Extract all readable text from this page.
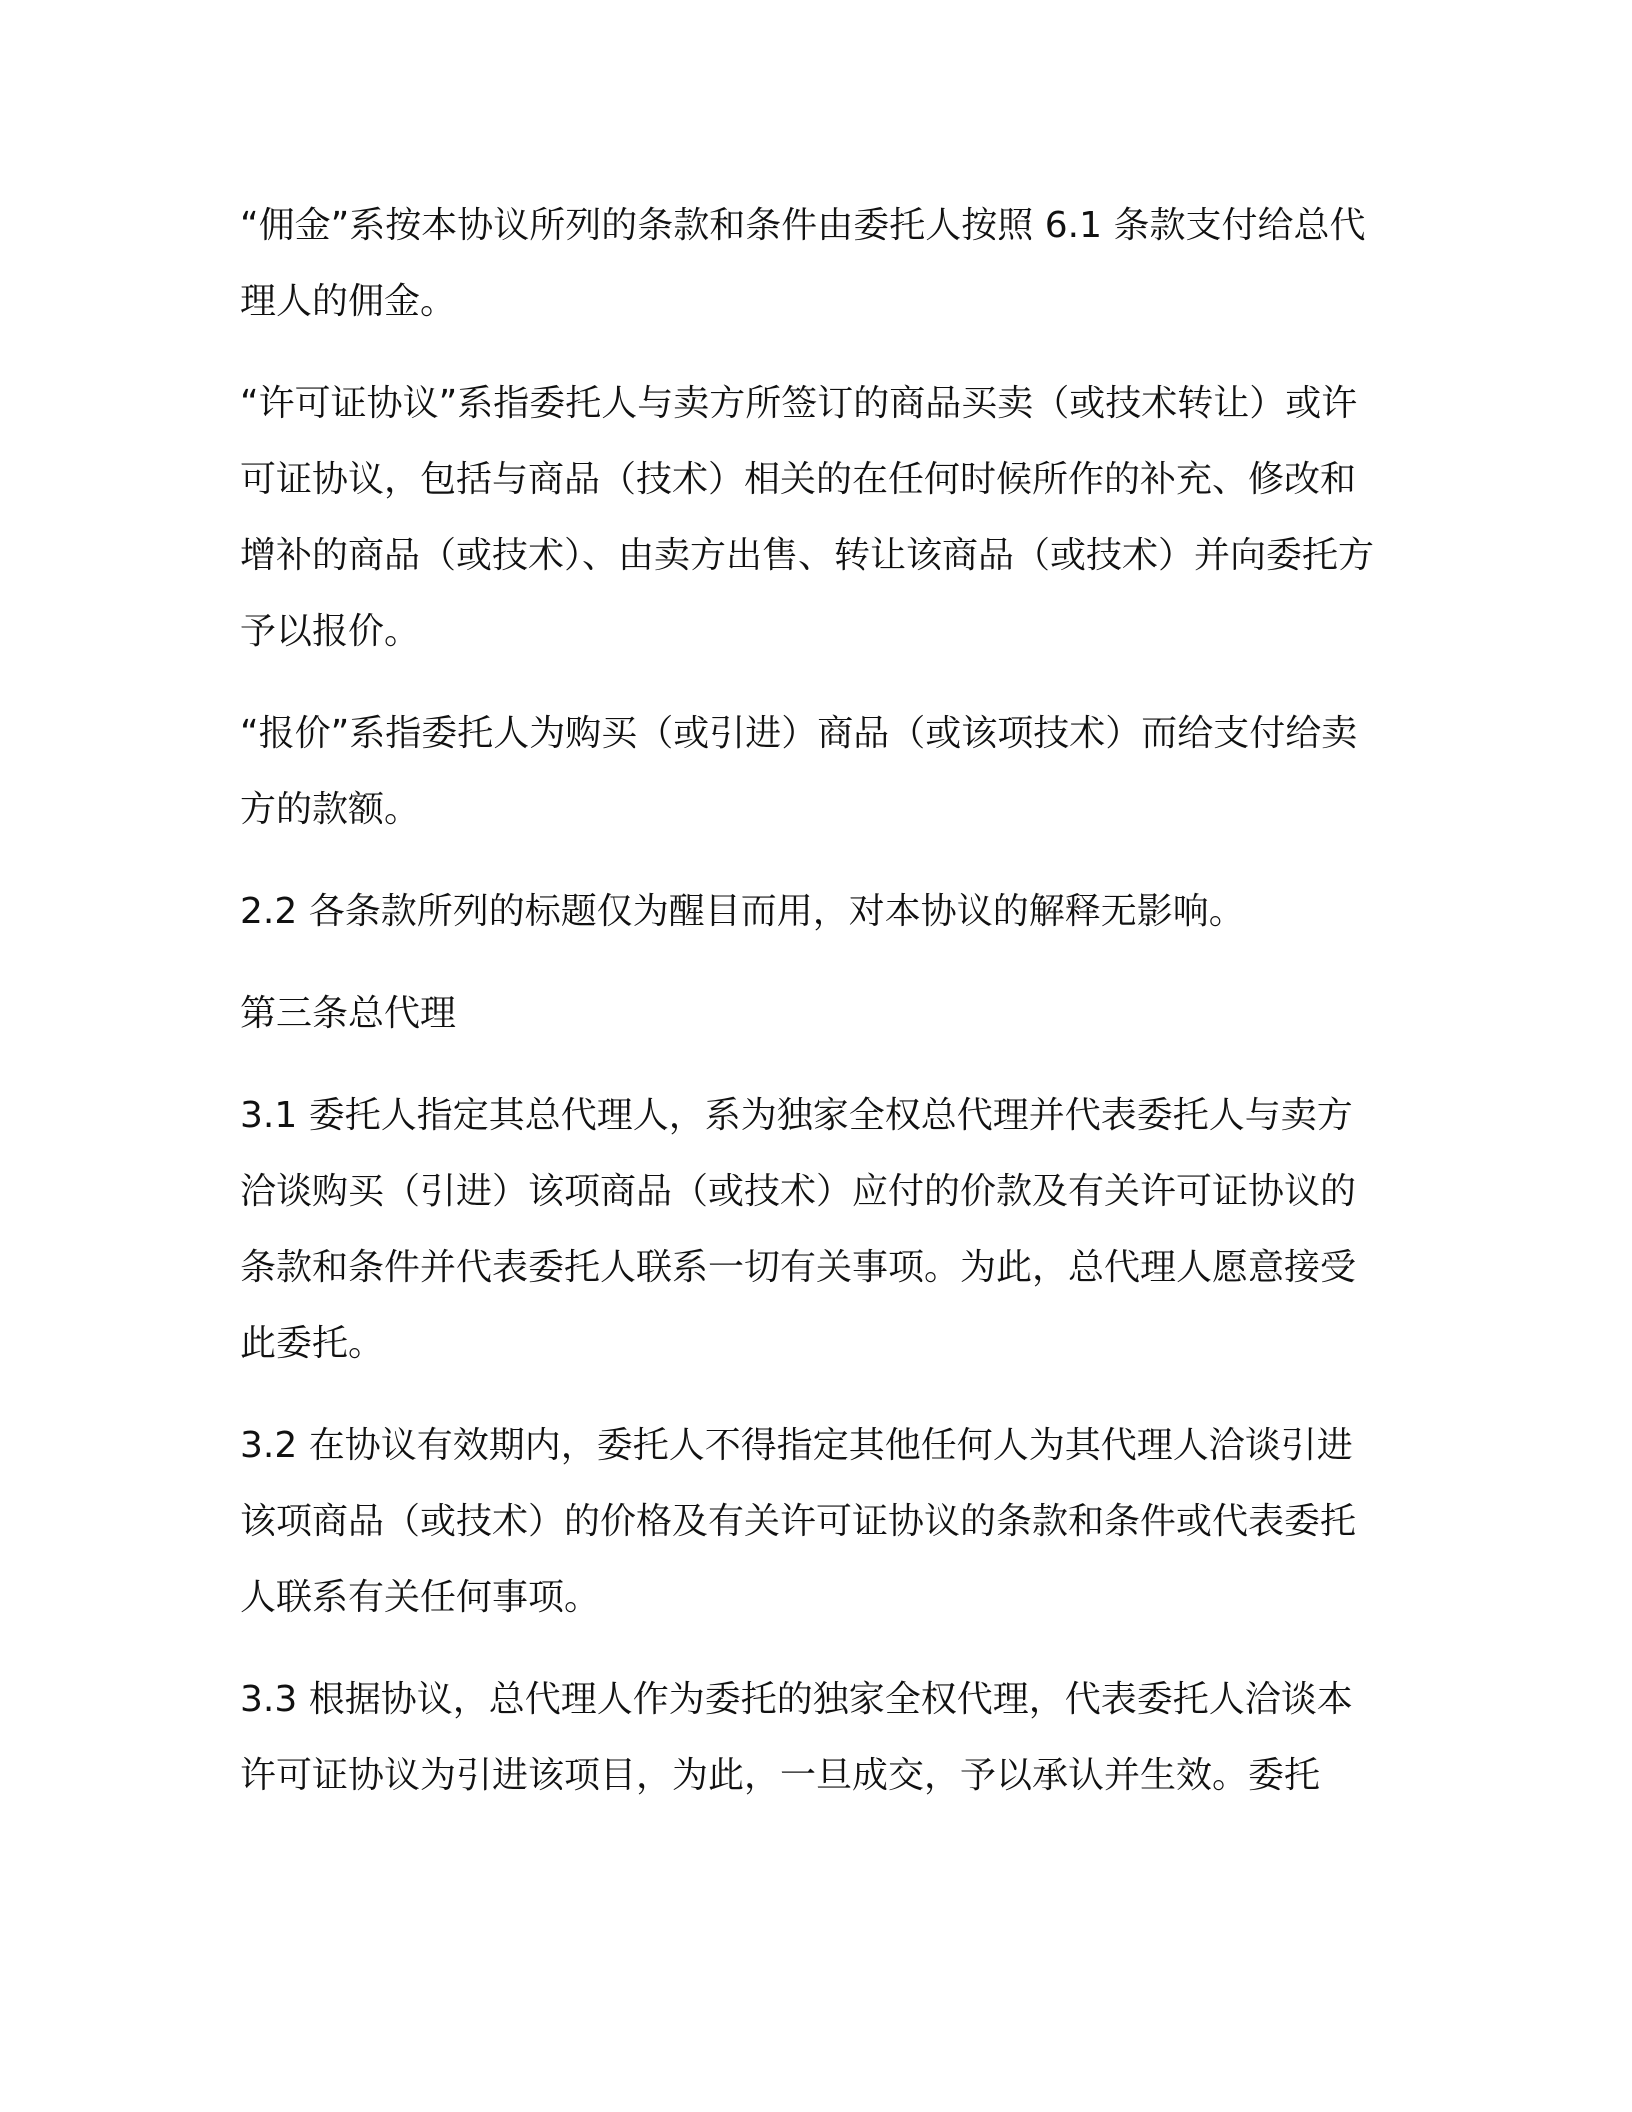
“佣金”系按本协议所列的条款和条件由委托人按照 6.1 条款支付给总代理人的佣金。

“许可证协议”系指委托人与卖方所签订的商品买卖（或技术转让）或许可证协议，包括与商品（技术）相关的在任何时候所作的补充、修改和增补的商品（或技术）、由卖方出售、转让该商品（或技术）并向委托方予以报价。

“报价”系指委托人为购买（或引进）商品（或该项技术）而给支付给卖方的款额。

2.2 各条款所列的标题仅为醒目而用，对本协议的解释无影响。

第三条总代理

3.1 委托人指定其总代理人，系为独家全权总代理并代表委托人与卖方洽谈购买（引进）该项商品（或技术）应付的价款及有关许可证协议的条款和条件并代表委托人联系一切有关事项。为此，总代理人愿意接受此委托。

3.2 在协议有效期内，委托人不得指定其他任何人为其代理人洽谈引进该项商品（或技术）的价格及有关许可证协议的条款和条件或代表委托人联系有关任何事项。

3.3 根据协议，总代理人作为委托的独家全权代理，代表委托人洽谈本许可证协议为引进该项目，为此，一旦成交，予以承认并生效。委托
